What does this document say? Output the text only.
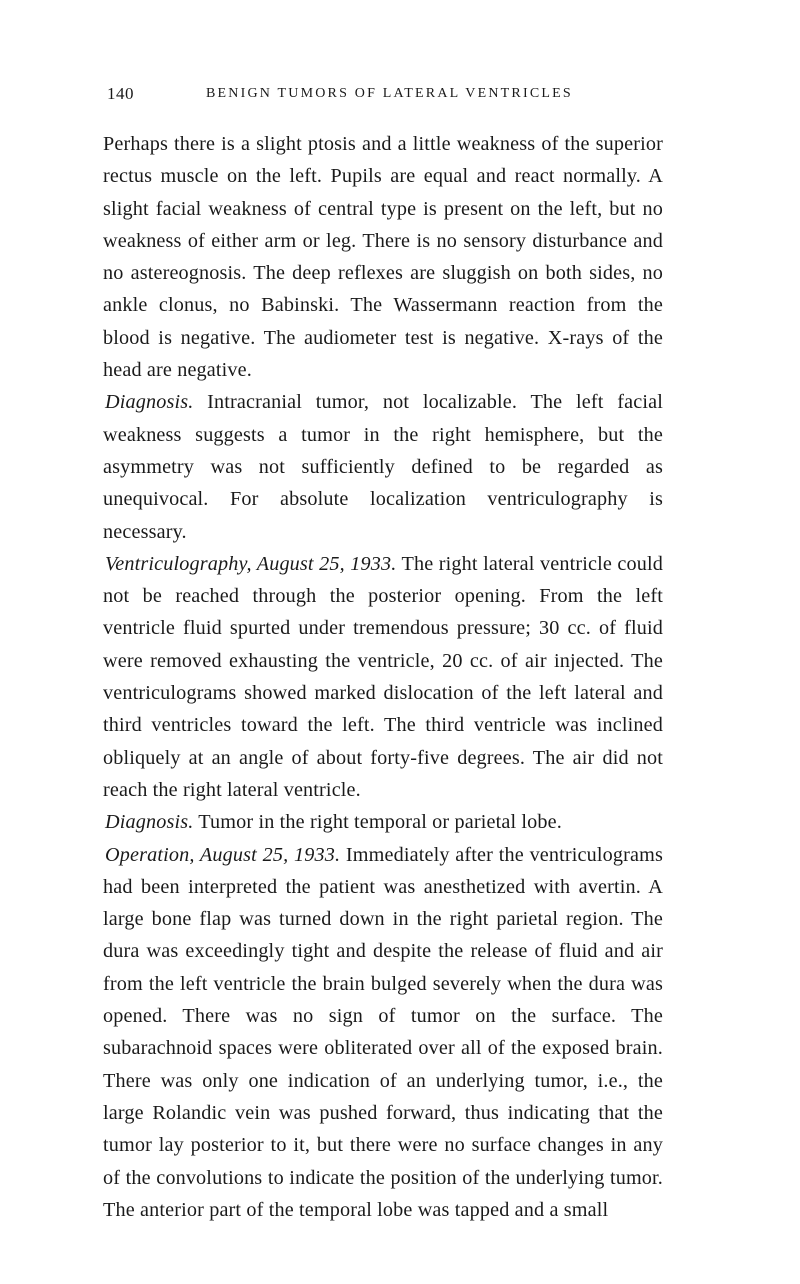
140	BENIGN TUMORS OF LATERAL VENTRICLES

Perhaps there is a slight ptosis and a little weakness of the superior rectus muscle on the left. Pupils are equal and react normally. A slight facial weakness of central type is present on the left, but no weakness of either arm or leg. There is no sensory disturbance and no astereognosis. The deep reflexes are sluggish on both sides, no ankle clonus, no Babinski. The Wassermann reaction from the blood is negative. The audiometer test is negative. X-rays of the head are negative.

Diagnosis. Intracranial tumor, not localizable. The left facial weakness suggests a tumor in the right hemisphere, but the asymmetry was not sufficiently defined to be regarded as unequivocal. For absolute localization ventriculography is necessary.

Ventriculography, August 25, 1933. The right lateral ventricle could not be reached through the posterior opening. From the left ventricle fluid spurted under tremendous pressure; 30 cc. of fluid were removed exhausting the ventricle, 20 cc. of air injected. The ventriculograms showed marked dislocation of the left lateral and third ventricles toward the left. The third ventricle was inclined obliquely at an angle of about forty-five degrees. The air did not reach the right lateral ventricle.

Diagnosis. Tumor in the right temporal or parietal lobe.

Operation, August 25, 1933. Immediately after the ventriculograms had been interpreted the patient was anesthetized with avertin. A large bone flap was turned down in the right parietal region. The dura was exceedingly tight and despite the release of fluid and air from the left ventricle the brain bulged severely when the dura was opened. There was no sign of tumor on the surface. The subarachnoid spaces were obliterated over all of the exposed brain. There was only one indication of an underlying tumor, i.e., the large Rolandic vein was pushed forward, thus indicating that the tumor lay posterior to it, but there were no surface changes in any of the convolutions to indicate the position of the underlying tumor. The anterior part of the temporal lobe was tapped and a small
